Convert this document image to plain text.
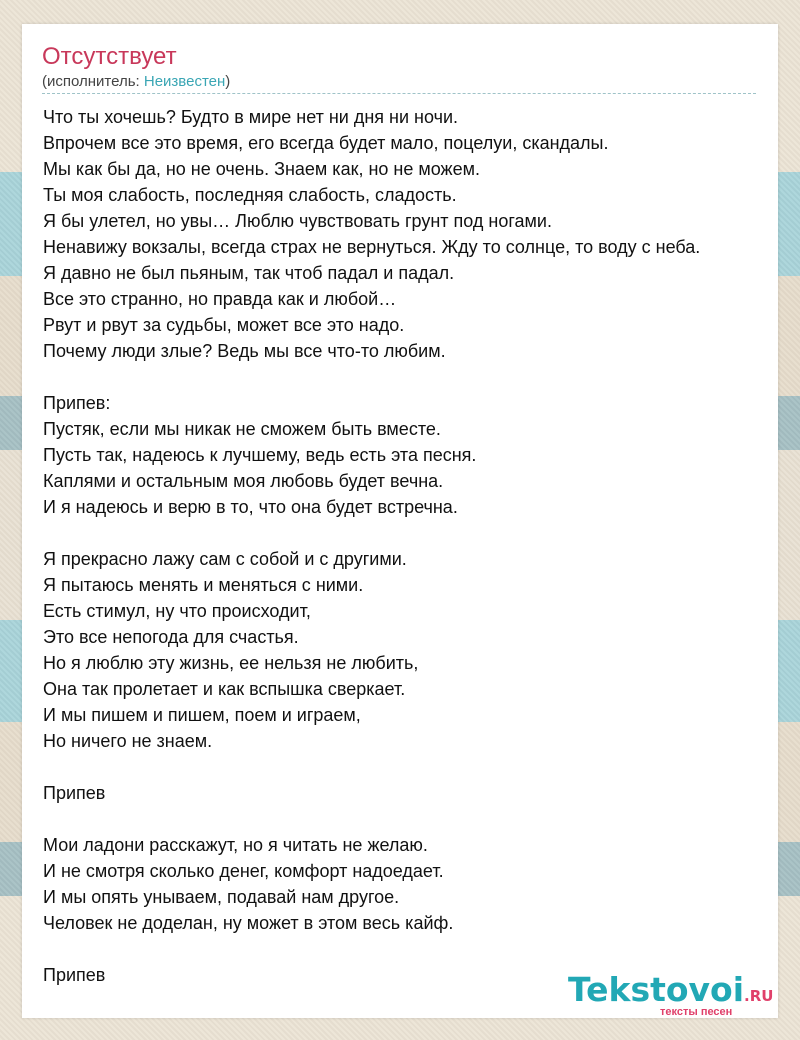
Отсутствует
(исполнитель: Неизвестен)
Что ты хочешь? Будто в мире нет ни дня ни ночи.
Впрочем все это время, его всегда будет мало, поцелуи, скандалы.
Мы как бы да, но не очень. Знаем как, но не можем.
Ты моя слабость, последняя слабость, сладость.
Я бы улетел, но увы… Люблю чувствовать грунт под ногами.
Ненавижу вокзалы, всегда страх не вернуться. Жду то солнце, то воду с неба.
Я давно не был пьяным, так чтоб падал и падал.
Все это странно, но правда как и любой…
Рвут и рвут за судьбы, может все это надо.
Почему люди злые? Ведь мы все что-то любим.
Припев:
Пустяк, если мы никак не сможем быть вместе.
Пусть так, надеюсь к лучшему, ведь есть эта песня.
Каплями и остальным моя любовь будет вечна.
И я надеюсь и верю в то, что она будет встречна.
Я прекрасно лажу сам с собой и с другими.
Я пытаюсь менять и меняться с ними.
Есть стимул, ну что происходит,
Это все непогода для счастья.
Но я люблю эту жизнь, ее нельзя не любить,
Она так пролетает и как вспышка сверкает.
И мы пишем и пишем, поем и играем,
Но ничего не знаем.
Припев
Мои ладони расскажут, но я читать не желаю.
И не смотря сколько денег, комфорт надоедает.
И мы опять унываем, подавай нам другое.
Человек не доделан, ну может в этом весь кайф.
Припев	Tekstovoi.RU
тексты песен
